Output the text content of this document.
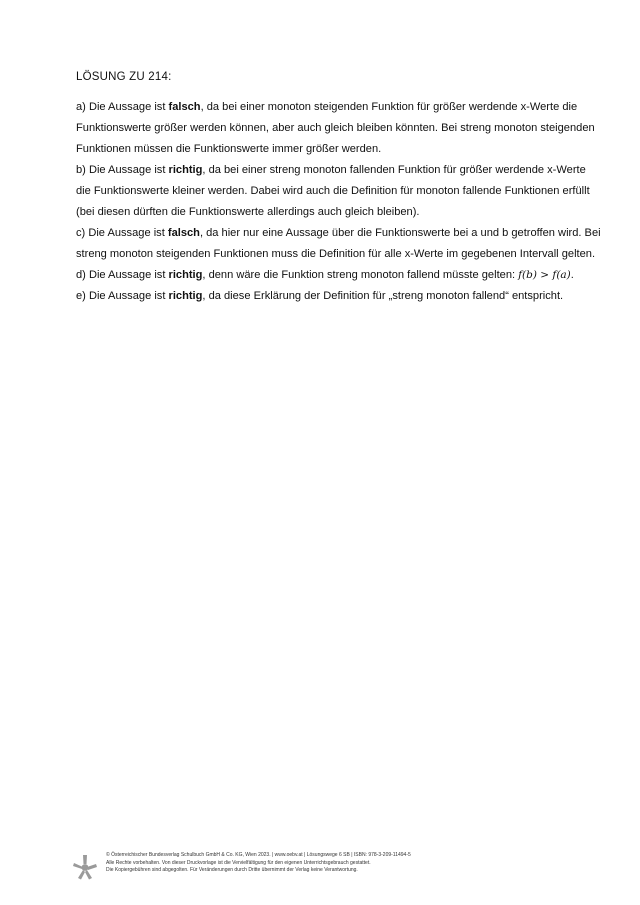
LÖSUNG ZU 214:
a) Die Aussage ist falsch, da bei einer monoton steigenden Funktion für größer werdende x-Werte die
Funktionswerte größer werden können, aber auch gleich bleiben könnten. Bei streng monoton steigenden
Funktionen müssen die Funktionswerte immer größer werden.
b) Die Aussage ist richtig, da bei einer streng monoton fallenden Funktion für größer werdende x-Werte
die Funktionswerte kleiner werden. Dabei wird auch die Definition für monoton fallende Funktionen erfüllt
(bei diesen dürften die Funktionswerte allerdings auch gleich bleiben).
c) Die Aussage ist falsch, da hier nur eine Aussage über die Funktionswerte bei a und b getroffen wird. Bei
streng monoton steigenden Funktionen muss die Definition für alle x-Werte im gegebenen Intervall gelten.
d) Die Aussage ist richtig, denn wäre die Funktion streng monoton fallend müsste gelten: f(b) > f(a).
e) Die Aussage ist richtig, da diese Erklärung der Definition für „streng monoton fallend“ entspricht.
© Österreichischer Bundesverlag Schulbuch GmbH & Co. KG, Wien 2023. | www.oebv.at | Lösungswege 6 SB | ISBN: 978-3-209-11494-5
Alle Rechte vorbehalten. Von dieser Druckvorlage ist die Vervielfältigung für den eigenen Unterrichtsgebrauch gestattet.
Die Kopiergebühren sind abgegolten. Für Veränderungen durch Dritte übernimmt der Verlag keine Verantwortung.
